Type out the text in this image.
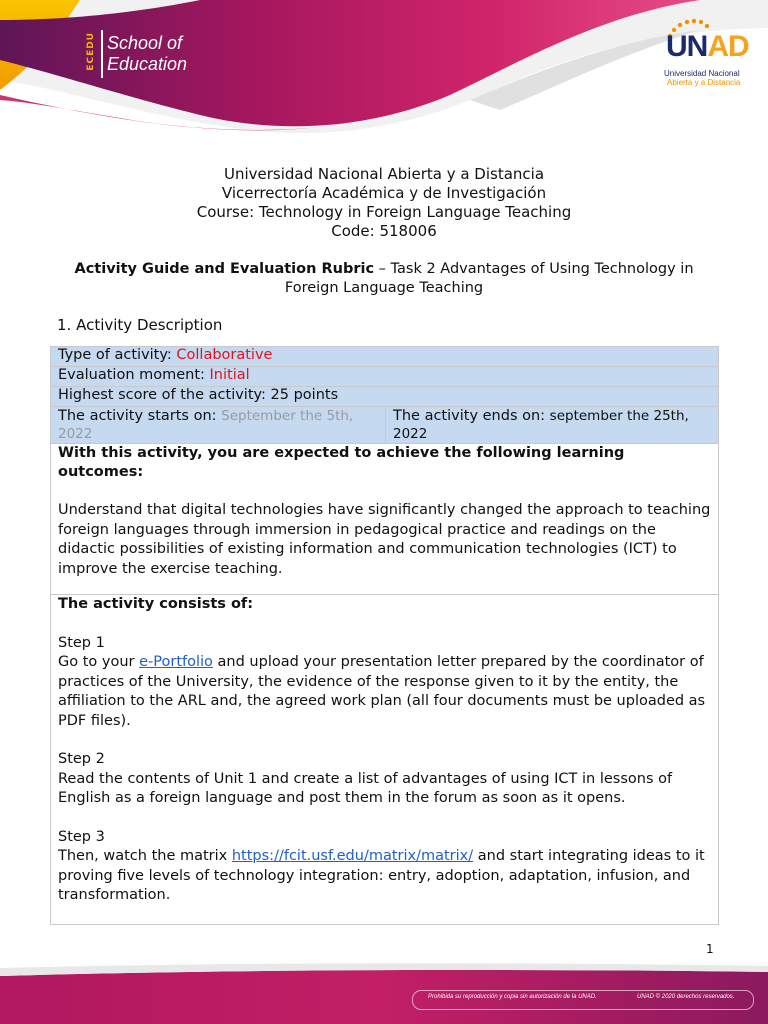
ECEDU School of
Education
UNAD
Universidad Nacional
Abierta y a Distancia
Universidad Nacional Abierta y a Distancia
Vicerrectoría Académica y de Investigación
Course: Technology in Foreign Language Teaching
Code: 518006
Activity Guide and Evaluation Rubric – Task 2 Advantages of Using Technology in Foreign Language Teaching
1. Activity Description
Type of activity: Collaborative
Evaluation moment: Initial
Highest score of the activity: 25 points
The activity starts on: September the 5th, 2022	The activity ends on: september the 25th, 2022

With this activity, you are expected to achieve the following learning outcomes:
Understand that digital technologies have significantly changed the approach to teaching foreign languages through immersion in pedagogical practice and readings on the didactic possibilities of existing information and communication technologies (ICT) to improve the exercise teaching.

The activity consists of:
Step 1
Go to your e-Portfolio and upload your presentation letter prepared by the coordinator of practices of the University, the evidence of the response given to it by the entity, the affiliation to the ARL and, the agreed work plan (all four documents must be uploaded as PDF files).
Step 2
Read the contents of Unit 1 and create a list of advantages of using ICT in lessons of English as a foreign language and post them in the forum as soon as it opens.
Step 3
Then, watch the matrix https://fcit.usf.edu/matrix/matrix/ and start integrating ideas to it proving five levels of technology integration: entry, adoption, adaptation, infusion, and transformation.
1
Prohibida su reproducción y copia sin autorización de la UNAD.	UNAD © 2020 derechos reservados.
